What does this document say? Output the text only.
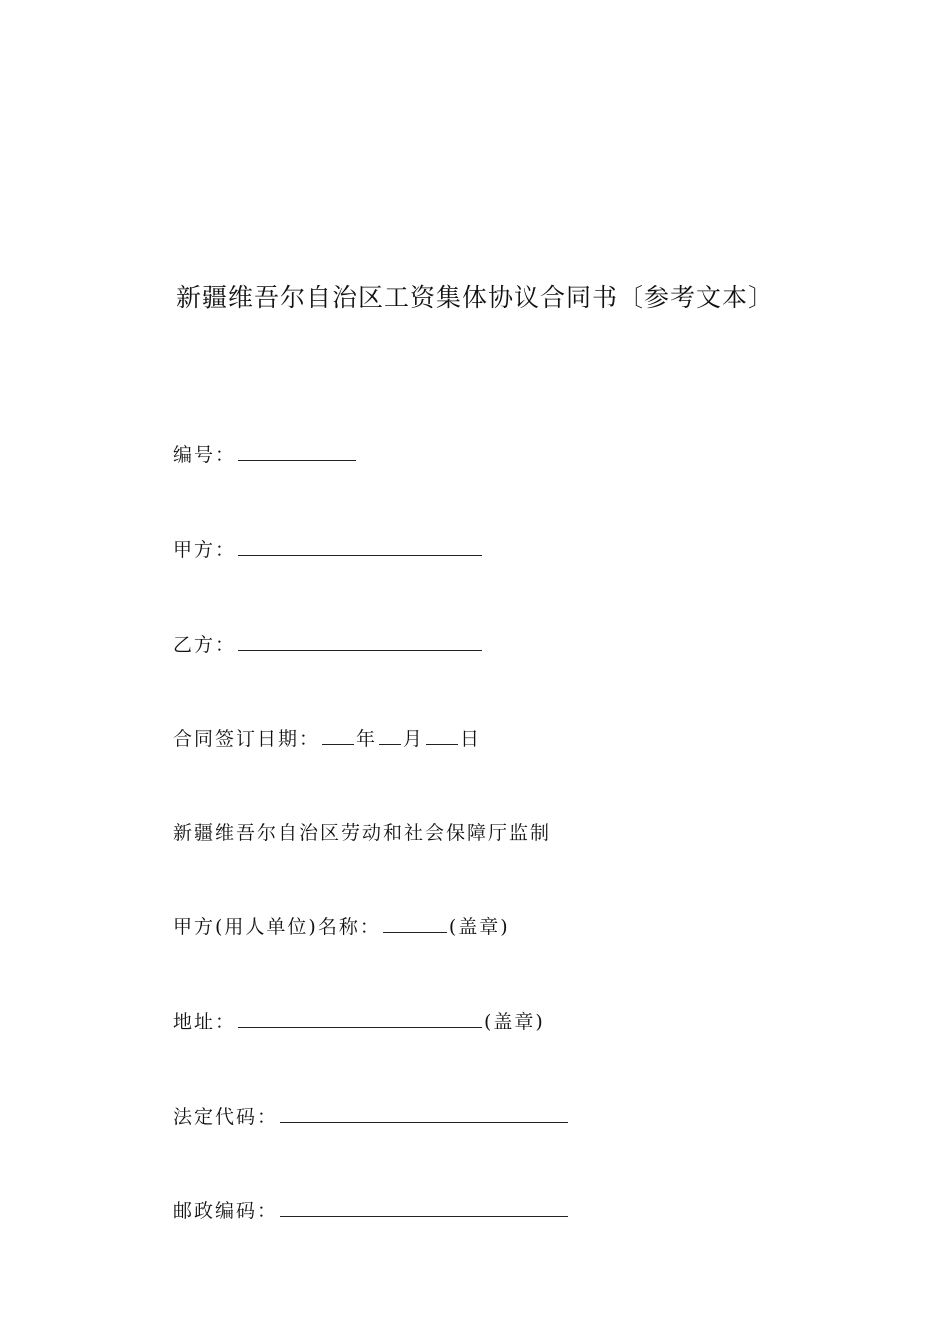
新疆维吾尔自治区工资集体协议合同书〔参考文本〕
编号：
甲方：
乙方：
合同签订日期： 年 月 日
新疆维吾尔自治区劳动和社会保障厅监制
甲方(用人单位)名称：	(盖章)
地址：	(盖章)
法定代码：
邮政编码：
